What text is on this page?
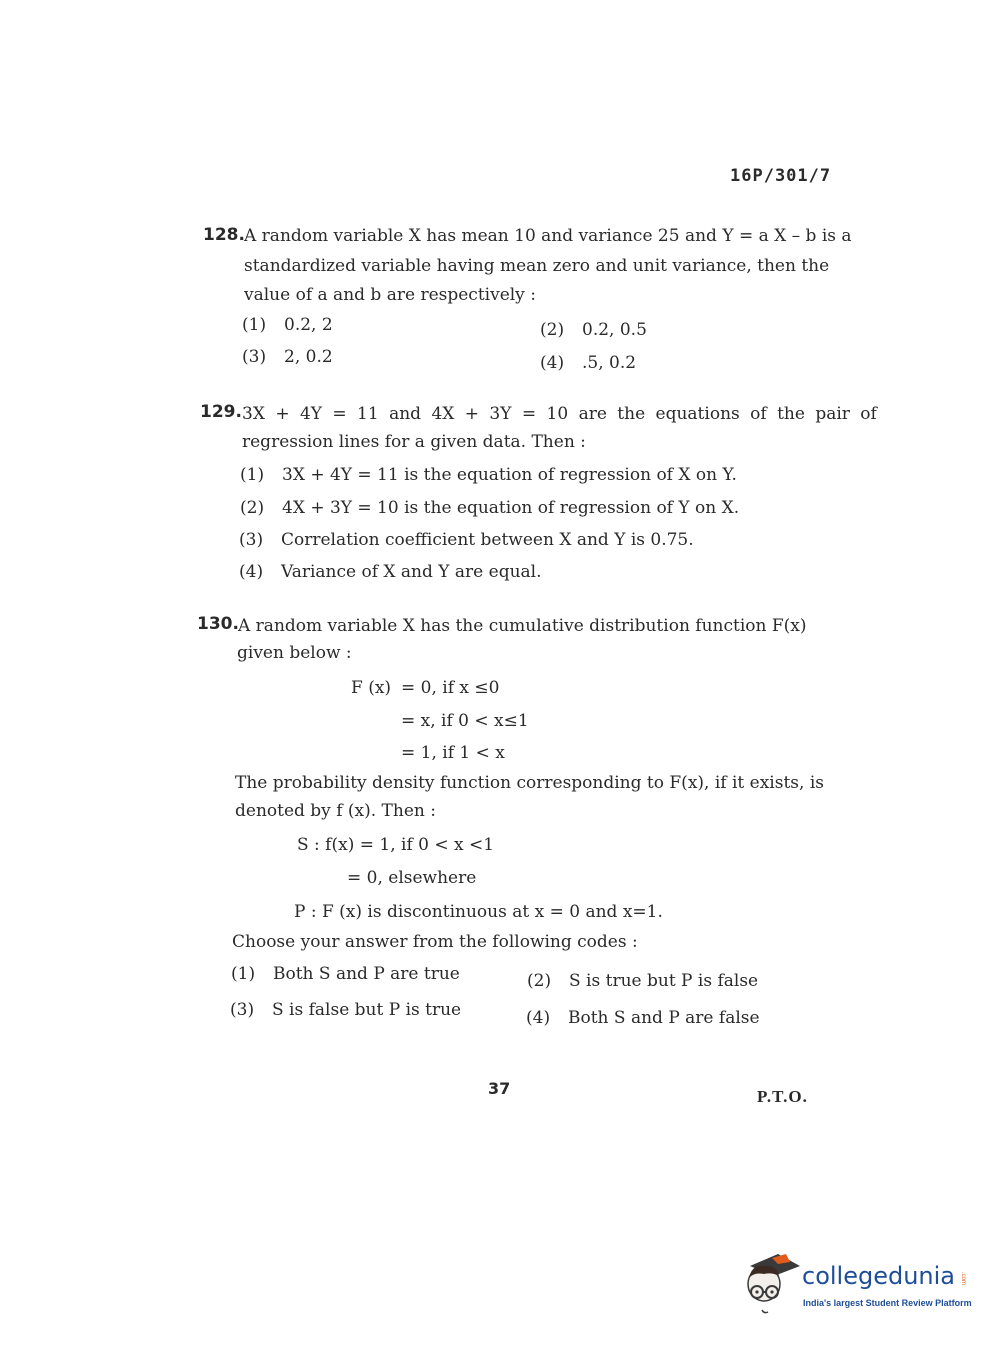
16P/301/7
128. A random variable X has mean 10 and variance 25 and Y = a X – b is a
standardized variable having mean zero and unit variance, then the
value of a and b are respectively :
(1) 0.2, 2	(2) 0.2, 0.5
(3) 2, 0.2	(4) .5, 0.2
129. 3X + 4Y = 11 and 4X + 3Y = 10 are the equations of the pair of
regression lines for a given data. Then :
(1) 3X + 4Y = 11 is the equation of regression of X on Y.
(2) 4X + 3Y = 10 is the equation of regression of Y on X.
(3) Correlation coefficient between X and Y is 0.75.
(4) Variance of X and Y are equal.
130. A random variable X has the cumulative distribution function F(x)
given below :
F (x) = 0, if x ≤0
= x, if 0 < x≤1
= 1, if 1 < x
The probability density function corresponding to F(x), if it exists, is
denoted by f (x). Then :
S : f(x) = 1, if 0 < x <1
= 0, elsewhere
P : F (x) is discontinuous at x = 0 and x=1.
Choose your answer from the following codes :
(1) Both S and P are true	(2) S is true but P is false
(3) S is false but P is true	(4) Both S and P are false
37	P.T.O.
collegedunia .com
India's largest Student Review Platform
